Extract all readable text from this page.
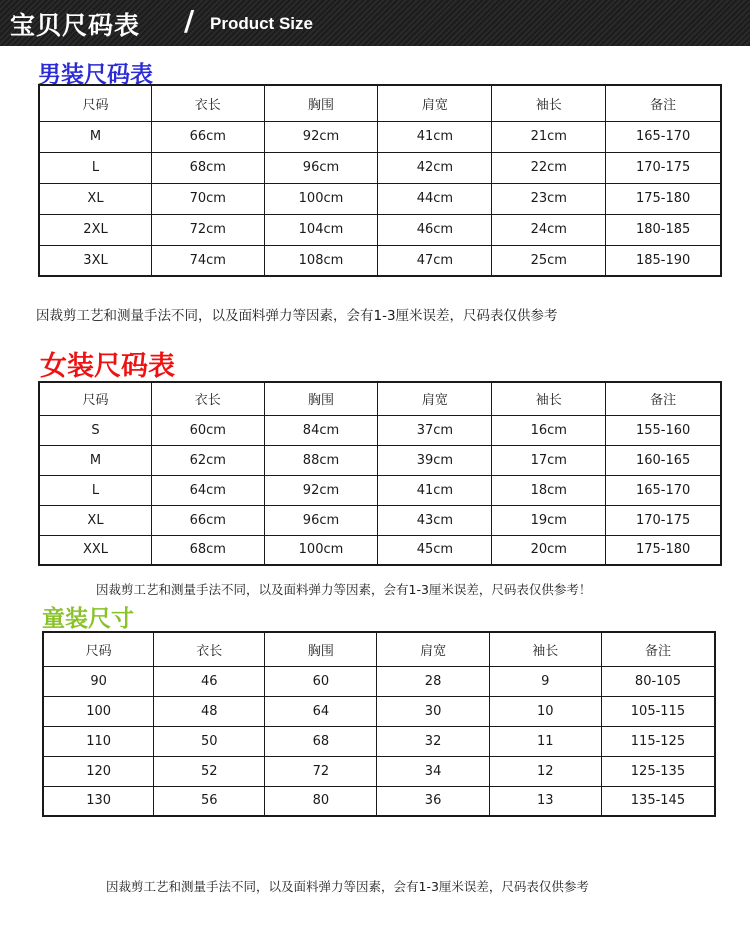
宝贝尺码表 / Product Size
男装尺码表
尺码	衣长	胸围	肩宽	袖长	备注
M	66cm	92cm	41cm	21cm	165-170
L	68cm	96cm	42cm	22cm	170-175
XL	70cm	100cm	44cm	23cm	175-180
2XL	72cm	104cm	46cm	24cm	180-185
3XL	74cm	108cm	47cm	25cm	185-190
因裁剪工艺和测量手法不同，以及面料弹力等因素，会有1-3厘米误差，尺码表仅供参考
女装尺码表
尺码	衣长	胸围	肩宽	袖长	备注
S	60cm	84cm	37cm	16cm	155-160
M	62cm	88cm	39cm	17cm	160-165
L	64cm	92cm	41cm	18cm	165-170
XL	66cm	96cm	43cm	19cm	170-175
XXL	68cm	100cm	45cm	20cm	175-180
因裁剪工艺和测量手法不同，以及面料弹力等因素，会有1-3厘米误差，尺码表仅供参考！
童装尺寸
尺码	衣长	胸围	肩宽	袖长	备注
90	46	60	28	9	80-105
100	48	64	30	10	105-115
110	50	68	32	11	115-125
120	52	72	34	12	125-135
130	56	80	36	13	135-145
因裁剪工艺和测量手法不同，以及面料弹力等因素，会有1-3厘米误差，尺码表仅供参考
